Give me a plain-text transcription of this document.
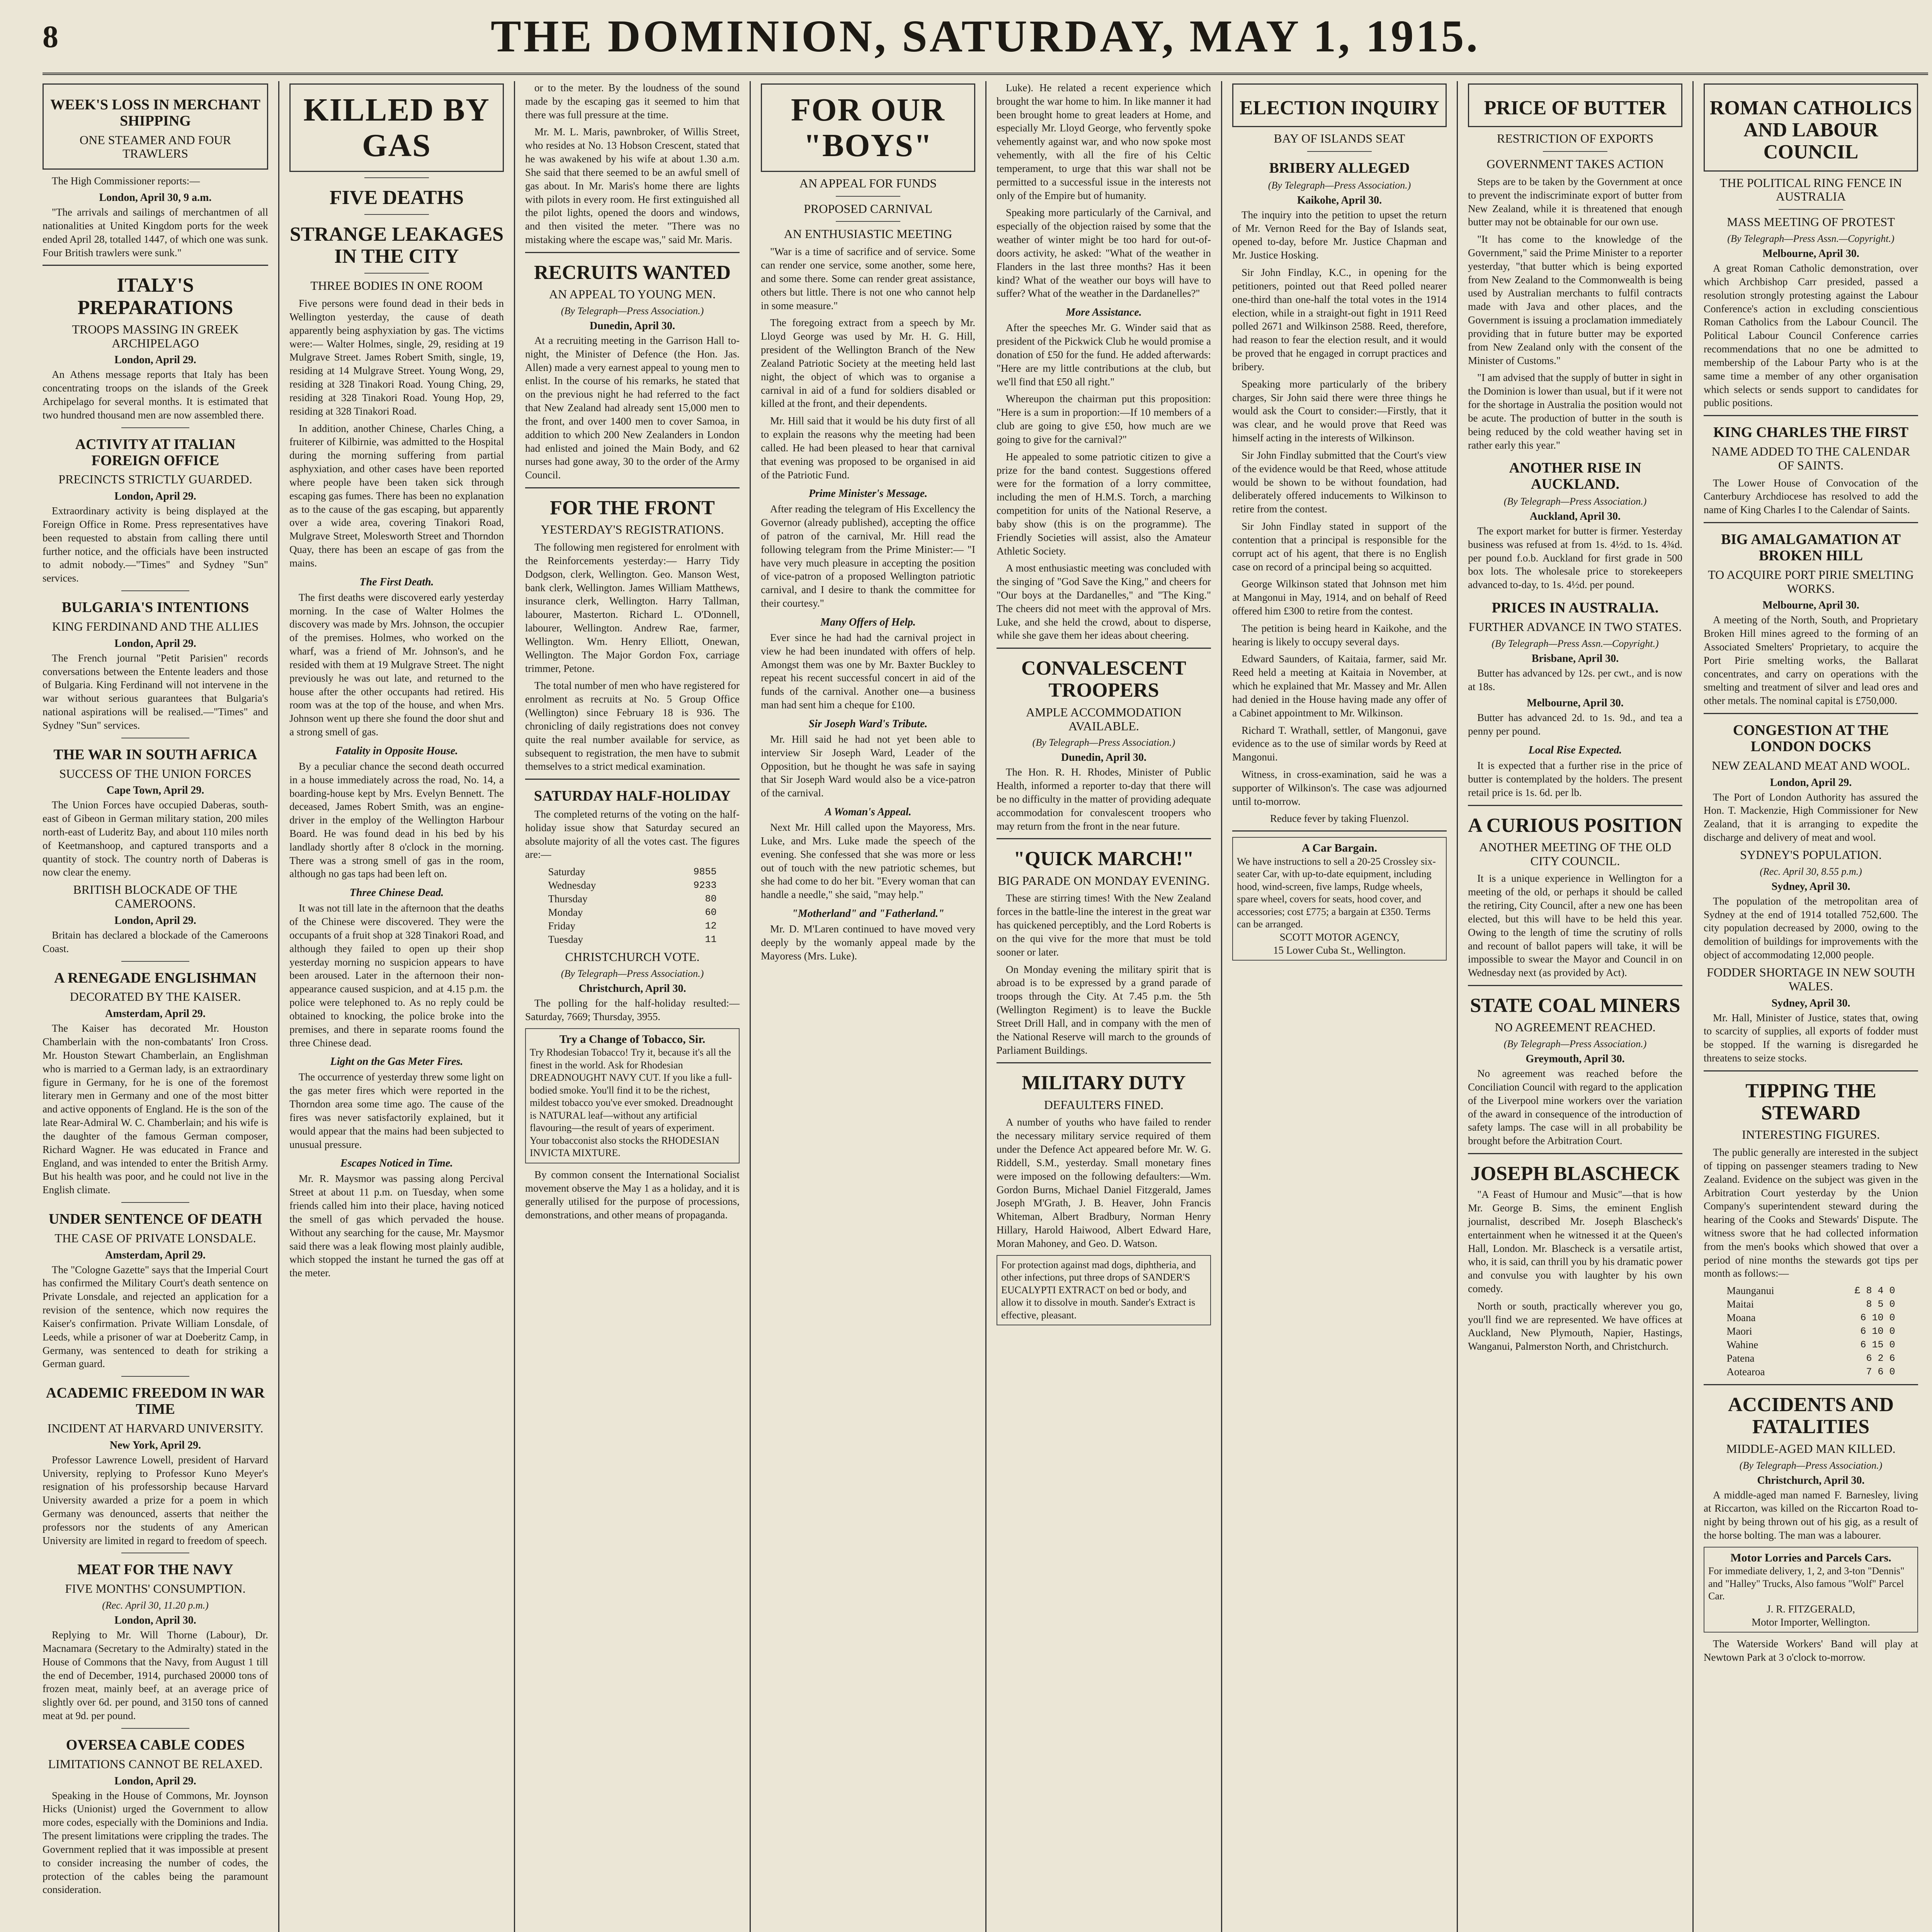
8	THE DOMINION, SATURDAY, MAY 1, 1915.
WEEK'S LOSS IN MERCHANT SHIPPING
ONE STEAMER AND FOUR TRAWLERS

The High Commissioner reports:—

London, April 30, 9 a.m.

"The arrivals and sailings of merchantmen of all nationalities at United Kingdom ports for the week ended April 28, totalled 1447, of which one was sunk. Four British trawlers were sunk."

ITALY'S PREPARATIONS
TROOPS MASSING IN GREEK ARCHIPELAGO
London, April 29.

An Athens message reports that Italy has been concentrating troops on the islands of the Greek Archipelago for several months. It is estimated that two hundred thousand men are now assembled there.

ACTIVITY AT ITALIAN FOREIGN OFFICE
PRECINCTS STRICTLY GUARDED.
London, April 29.

Extraordinary activity is being displayed at the Foreign Office in Rome. Press representatives have been requested to abstain from calling there until further notice, and the officials have been instructed to admit nobody.—"Times" and Sydney "Sun" services.

BULGARIA'S INTENTIONS
KING FERDINAND AND THE ALLIES
London, April 29.

The French journal "Petit Parisien" records conversations between the Entente leaders and those of Bulgaria. King Ferdinand will not intervene in the war without serious guarantees that Bulgaria's national aspirations will be realised.—"Times" and Sydney "Sun" services.

THE WAR IN SOUTH AFRICA
SUCCESS OF THE UNION FORCES
Cape Town, April 29.

The Union Forces have occupied Daberas, south-east of Gibeon in German military station, 200 miles north-east of Luderitz Bay, and about 110 miles north of Keetmanshoop, and captured transports and a quantity of stock. The country north of Daberas is now clear the enemy.

BRITISH BLOCKADE OF THE CAMEROONS.
London, April 29.

Britain has declared a blockade of the Cameroons Coast.

A RENEGADE ENGLISHMAN
DECORATED BY THE KAISER.
Amsterdam, April 29.

The Kaiser has decorated Mr. Houston Chamberlain with the non-combatants' Iron Cross. Mr. Houston Stewart Chamberlain, an Englishman who is married to a German lady, is an extraordinary figure in Germany, for he is one of the foremost literary men in Germany and one of the most bitter and active opponents of England. He is the son of the late Rear-Admiral W. C. Chamberlain; and his wife is the daughter of the famous German composer, Richard Wagner. He was educated in France and England, and was intended to enter the British Army. But his health was poor, and he could not live in the English climate.

UNDER SENTENCE OF DEATH
THE CASE OF PRIVATE LONSDALE.
Amsterdam, April 29.

The "Cologne Gazette" says that the Imperial Court has confirmed the Military Court's death sentence on Private Lonsdale, and rejected an application for a revision of the sentence, which now requires the Kaiser's confirmation. Private William Lonsdale, of Leeds, while a prisoner of war at Doeberitz Camp, in Germany, was sentenced to death for striking a German guard.

ACADEMIC FREEDOM IN WAR TIME
INCIDENT AT HARVARD UNIVERSITY.
New York, April 29.

Professor Lawrence Lowell, president of Harvard University, replying to Professor Kuno Meyer's resignation of his professorship because Harvard University awarded a prize for a poem in which Germany was denounced, asserts that neither the professors nor the students of any American University are limited in regard to freedom of speech.

MEAT FOR THE NAVY
FIVE MONTHS' CONSUMPTION.
(Rec. April 30, 11.20 p.m.)
London, April 30.

Replying to Mr. Will Thorne (Labour), Dr. Macnamara (Secretary to the Admiralty) stated in the House of Commons that the Navy, from August 1 till the end of December, 1914, purchased 20000 tons of frozen meat, mainly beef, at an average price of slightly over 6d. per pound, and 3150 tons of canned meat at 9d. per pound.

OVERSEA CABLE CODES
LIMITATIONS CANNOT BE RELAXED.
London, April 29.

Speaking in the House of Commons, Mr. Joynson Hicks (Unionist) urged the Government to allow more codes, especially with the Dominions and India. The present limitations were crippling the trades. The Government replied that it was impossible at present to consider increasing the number of codes, the protection of the cables being the paramount consideration.

KILLED BY GAS
FIVE DEATHS
STRANGE LEAKAGES IN THE CITY
THREE BODIES IN ONE ROOM

Five persons were found dead in their beds in Wellington yesterday, the cause of death apparently being asphyxiation by gas. The victims were:— Walter Holmes, single, 29, residing at 19 Mulgrave Street. James Robert Smith, single, 19, residing at 14 Mulgrave Street. Young Wong, 29, residing at 328 Tinakori Road. Young Ching, 29, residing at 328 Tinakori Road. Young Hop, 29, residing at 328 Tinakori Road.

In addition, another Chinese, Charles Ching, a fruiterer of Kilbirnie, was admitted to the Hospital during the morning suffering from partial asphyxiation, and other cases have been reported where people have been taken sick through escaping gas fumes. There has been no explanation as to the cause of the gas escaping, but apparently over a wide area, covering Tinakori Road, Mulgrave Street, Molesworth Street and Thorndon Quay, there has been an escape of gas from the mains.

The First Death.

The first deaths were discovered early yesterday morning. In the case of Walter Holmes the discovery was made by Mrs. Johnson, the occupier of the premises. Holmes, who worked on the wharf, was a friend of Mr. Johnson's, and he resided with them at 19 Mulgrave Street. The night previously he was out late, and returned to the house after the other occupants had retired. His room was at the top of the house, and when Mrs. Johnson went up there she found the door shut and a strong smell of gas.

Fatality in Opposite House.

By a peculiar chance the second death occurred in a house immediately across the road, No. 14, a boarding-house kept by Mrs. Evelyn Bennett. The deceased, James Robert Smith, was an engine-driver in the employ of the Wellington Harbour Board. He was found dead in his bed by his landlady shortly after 8 o'clock in the morning. There was a strong smell of gas in the room, although no gas taps had been left on.

Three Chinese Dead.

It was not till late in the afternoon that the deaths of the Chinese were discovered. They were the occupants of a fruit shop at 328 Tinakori Road, and although they failed to open up their shop yesterday morning no suspicion appears to have been aroused. Later in the afternoon their non-appearance caused suspicion, and at 4.15 p.m. the police were telephoned to. As no reply could be obtained to knocking, the police broke into the premises, and there in separate rooms found the three Chinese dead.

Light on the Gas Meter Fires.

The occurrence of yesterday threw some light on the gas meter fires which were reported in the Thorndon area some time ago. The cause of the fires was never satisfactorily explained, but it would appear that the mains had been subjected to unusual pressure.

Escapes Noticed in Time.

Mr. R. Maysmor was passing along Percival Street at about 11 p.m. on Tuesday, when some friends called him into their place, having noticed the smell of gas which pervaded the house. Without any searching for the cause, Mr. Maysmor said there was a leak flowing most plainly audible, which stopped the instant he turned the gas off at the meter.

or to the meter. By the loudness of the sound made by the escaping gas it seemed to him that there was full pressure at the time.

Mr. M. L. Maris, pawnbroker, of Willis Street, who resides at No. 13 Hobson Crescent, stated that he was awakened by his wife at about 1.30 a.m. She said that there seemed to be an awful smell of gas about. In Mr. Maris's home there are lights with pilots in every room. He first extinguished all the pilot lights, opened the doors and windows, and then visited the meter. "There was no mistaking where the escape was," said Mr. Maris.

RECRUITS WANTED
AN APPEAL TO YOUNG MEN.
(By Telegraph—Press Association.)
Dunedin, April 30.

At a recruiting meeting in the Garrison Hall to-night, the Minister of Defence (the Hon. Jas. Allen) made a very earnest appeal to young men to enlist. In the course of his remarks, he stated that on the previous night he had referred to the fact that New Zealand had already sent 15,000 men to the front, and over 1400 men to cover Samoa, in addition to which 200 New Zealanders in London had enlisted and joined the Main Body, and 62 nurses had gone away, 30 to the order of the Army Council.

FOR THE FRONT
YESTERDAY'S REGISTRATIONS.

The following men registered for enrolment with the Reinforcements yesterday:— Harry Tidy Dodgson, clerk, Wellington. Geo. Manson West, bank clerk, Wellington. James William Matthews, insurance clerk, Wellington. Harry Tallman, labourer, Masterton. Richard L. O'Donnell, labourer, Wellington. Andrew Rae, farmer, Wellington. Wm. Henry Elliott, Onewan, Wellington. The Major Gordon Fox, carriage trimmer, Petone.

The total number of men who have registered for enrolment as recruits at No. 5 Group Office (Wellington) since February 18 is 936. The chronicling of daily registrations does not convey quite the real number available for service, as subsequent to registration, the men have to submit themselves to a strict medical examination.

SATURDAY HALF-HOLIDAY

The completed returns of the voting on the half-holiday issue show that Saturday secured an absolute majority of all the votes cast. The figures are:—

Saturday	9855
Wednesday	9233
Thursday	80
Monday	60
Friday	12
Tuesday	11
CHRISTCHURCH VOTE.
(By Telegraph—Press Association.)
Christchurch, April 30.

The polling for the half-holiday resulted:—Saturday, 7669; Thursday, 3955.

Try a Change of Tobacco, Sir.
Try Rhodesian Tobacco! Try it, because it's all the finest in the world. Ask for Rhodesian DREADNOUGHT NAVY CUT. If you like a full-bodied smoke. You'll find it to be the richest, mildest tobacco you've ever smoked. Dreadnought is NATURAL leaf—without any artificial flavouring—the result of years of experiment. Your tobacconist also stocks the RHODESIAN INVICTA MIXTURE.

By common consent the International Socialist movement observe the May 1 as a holiday, and it is generally utilised for the purpose of processions, demonstrations, and other means of propaganda.

FOR OUR "BOYS"
AN APPEAL FOR FUNDS
PROPOSED CARNIVAL
AN ENTHUSIASTIC MEETING

"War is a time of sacrifice and of service. Some can render one service, some another, some here, and some there. Some can render great assistance, others but little. There is not one who cannot help in some measure."

The foregoing extract from a speech by Mr. Lloyd George was used by Mr. H. G. Hill, president of the Wellington Branch of the New Zealand Patriotic Society at the meeting held last night, the object of which was to organise a carnival in aid of a fund for soldiers disabled or killed at the front, and their dependents.

Mr. Hill said that it would be his duty first of all to explain the reasons why the meeting had been called. He had been pleased to hear that carnival that evening was proposed to be organised in aid of the Patriotic Fund.

Prime Minister's Message.

After reading the telegram of His Excellency the Governor (already published), accepting the office of patron of the carnival, Mr. Hill read the following telegram from the Prime Minister:— "I have very much pleasure in accepting the position of vice-patron of a proposed Wellington patriotic carnival, and I desire to thank the committee for their courtesy."

Many Offers of Help.

Ever since he had had the carnival project in view he had been inundated with offers of help. Amongst them was one by Mr. Baxter Buckley to repeat his recent successful concert in aid of the funds of the carnival. Another one—a business man had sent him a cheque for £100.

Sir Joseph Ward's Tribute.

Mr. Hill said he had not yet been able to interview Sir Joseph Ward, Leader of the Opposition, but he thought he was safe in saying that Sir Joseph Ward would also be a vice-patron of the carnival.

A Woman's Appeal.

Next Mr. Hill called upon the Mayoress, Mrs. Luke, and Mrs. Luke made the speech of the evening. She confessed that she was more or less out of touch with the new patriotic schemes, but she had come to do her bit. "Every woman that can handle a needle," she said, "may help."

"Motherland" and "Fatherland."

Mr. D. M'Laren continued to have moved very deeply by the womanly appeal made by the Mayoress (Mrs. Luke).

Luke). He related a recent experience which brought the war home to him. In like manner it had been brought home to great leaders at Home, and especially Mr. Lloyd George, who fervently spoke vehemently against war, and who now spoke most vehemently, with all the fire of his Celtic temperament, to urge that this war shall not be permitted to a successful issue in the interests not only of the Empire but of humanity.

Speaking more particularly of the Carnival, and especially of the objection raised by some that the weather of winter might be too hard for out-of-doors activity, he asked: "What of the weather in Flanders in the last three months? Has it been kind? What of the weather our boys will have to suffer? What of the weather in the Dardanelles?"

More Assistance.

After the speeches Mr. G. Winder said that as president of the Pickwick Club he would promise a donation of £50 for the fund. He added afterwards: "Here are my little contributions at the club, but we'll find that £50 all right."

Whereupon the chairman put this proposition: "Here is a sum in proportion:—If 10 members of a club are going to give £50, how much are we going to give for the carnival?"

He appealed to some patriotic citizen to give a prize for the band contest. Suggestions offered were for the formation of a lorry committee, including the men of H.M.S. Torch, a marching competition for units of the National Reserve, a baby show (this is on the programme). The Friendly Societies will assist, also the Amateur Athletic Society.

A most enthusiastic meeting was concluded with the singing of "God Save the King," and cheers for "Our boys at the Dardanelles," and "The King." The cheers did not meet with the approval of Mrs. Luke, and she held the crowd, about to disperse, while she gave them her ideas about cheering.

CONVALESCENT TROOPERS
AMPLE ACCOMMODATION AVAILABLE.
(By Telegraph—Press Association.)
Dunedin, April 30.

The Hon. R. H. Rhodes, Minister of Public Health, informed a reporter to-day that there will be no difficulty in the matter of providing adequate accommodation for convalescent troopers who may return from the front in the near future.

"QUICK MARCH!"
BIG PARADE ON MONDAY EVENING.

These are stirring times! With the New Zealand forces in the battle-line the interest in the great war has quickened perceptibly, and the Lord Roberts is on the qui vive for the more that must be told sooner or later.

On Monday evening the military spirit that is abroad is to be expressed by a grand parade of troops through the City. At 7.45 p.m. the 5th (Wellington Regiment) is to leave the Buckle Street Drill Hall, and in company with the men of the National Reserve will march to the grounds of Parliament Buildings.

MILITARY DUTY
DEFAULTERS FINED.

A number of youths who have failed to render the necessary military service required of them under the Defence Act appeared before Mr. W. G. Riddell, S.M., yesterday. Small monetary fines were imposed on the following defaulters:—Wm. Gordon Burns, Michael Daniel Fitzgerald, James Joseph M'Grath, J. B. Heaver, John Francis Whiteman, Albert Bradbury, Norman Henry Hillary, Harold Haiwood, Albert Edward Hare, Moran Mahoney, and Geo. D. Watson.

For protection against mad dogs, diphtheria, and other infections, put three drops of SANDER'S EUCALYPTI EXTRACT on bed or body, and allow it to dissolve in mouth. Sander's Extract is effective, pleasant.
ELECTION INQUIRY
BAY OF ISLANDS SEAT
BRIBERY ALLEGED
(By Telegraph—Press Association.)
Kaikohe, April 30.

The inquiry into the petition to upset the return of Mr. Vernon Reed for the Bay of Islands seat, opened to-day, before Mr. Justice Chapman and Mr. Justice Hosking.

Sir John Findlay, K.C., in opening for the petitioners, pointed out that Reed polled nearer one-third than one-half the total votes in the 1914 election, while in a straight-out fight in 1911 Reed polled 2671 and Wilkinson 2588. Reed, therefore, had reason to fear the election result, and it would be proved that he engaged in corrupt practices and bribery.

Speaking more particularly of the bribery charges, Sir John said there were three things he would ask the Court to consider:—Firstly, that it was clear, and he would prove that Reed was himself acting in the interests of Wilkinson.

Sir John Findlay submitted that the Court's view of the evidence would be that Reed, whose attitude would be shown to be without foundation, had deliberately offered inducements to Wilkinson to retire from the contest.

Sir John Findlay stated in support of the contention that a principal is responsible for the corrupt act of his agent, that there is no English case on record of a principal being so acquitted.

George Wilkinson stated that Johnson met him at Mangonui in May, 1914, and on behalf of Reed offered him £300 to retire from the contest.

The petition is being heard in Kaikohe, and the hearing is likely to occupy several days.

Edward Saunders, of Kaitaia, farmer, said Mr. Reed held a meeting at Kaitaia in November, at which he explained that Mr. Massey and Mr. Allen had denied in the House having made any offer of a Cabinet appointment to Mr. Wilkinson.

Richard T. Wrathall, settler, of Mangonui, gave evidence as to the use of similar words by Reed at Mangonui.

Witness, in cross-examination, said he was a supporter of Wilkinson's. The case was adjourned until to-morrow.

Reduce fever by taking Fluenzol.
A Car Bargain.
We have instructions to sell a 20-25 Crossley six-seater Car, with up-to-date equipment, including hood, wind-screen, five lamps, Rudge wheels, spare wheel, covers for seats, hood cover, and accessories; cost £775; a bargain at £350. Terms can be arranged.
SCOTT MOTOR AGENCY,
15 Lower Cuba St., Wellington.
PRICE OF BUTTER
RESTRICTION OF EXPORTS
GOVERNMENT TAKES ACTION

Steps are to be taken by the Government at once to prevent the indiscriminate export of butter from New Zealand, while it is threatened that enough butter may not be obtainable for our own use.

"It has come to the knowledge of the Government," said the Prime Minister to a reporter yesterday, "that butter which is being exported from New Zealand to the Commonwealth is being used by Australian merchants to fulfil contracts made with Java and other places, and the Government is issuing a proclamation immediately providing that in future butter may be exported from New Zealand only with the consent of the Minister of Customs."

"I am advised that the supply of butter in sight in the Dominion is lower than usual, but if it were not for the shortage in Australia the position would not be acute. The production of butter in the south is being reduced by the cold weather having set in rather early this year."

ANOTHER RISE IN AUCKLAND.
(By Telegraph—Press Association.)
Auckland, April 30.

The export market for butter is firmer. Yesterday business was refused at from 1s. 4½d. to 1s. 4¾d. per pound f.o.b. Auckland for first grade in 500 box lots. The wholesale price to storekeepers advanced to-day, to 1s. 4½d. per pound.

PRICES IN AUSTRALIA.
FURTHER ADVANCE IN TWO STATES.
(By Telegraph—Press Assn.—Copyright.)
Brisbane, April 30.

Butter has advanced by 12s. per cwt., and is now at 18s.

Melbourne, April 30.

Butter has advanced 2d. to 1s. 9d., and tea a penny per pound.

Local Rise Expected.

It is expected that a further rise in the price of butter is contemplated by the holders. The present retail price is 1s. 6d. per lb.

A CURIOUS POSITION
ANOTHER MEETING OF THE OLD CITY COUNCIL.

It is a unique experience in Wellington for a meeting of the old, or perhaps it should be called the retiring, City Council, after a new one has been elected, but this will have to be held this year. Owing to the length of time the scrutiny of rolls and recount of ballot papers will take, it will be impossible to swear the Mayor and Council in on Wednesday next (as provided by Act).

STATE COAL MINERS
NO AGREEMENT REACHED.
(By Telegraph—Press Association.)
Greymouth, April 30.

No agreement was reached before the Conciliation Council with regard to the application of the Liverpool mine workers over the variation of the award in consequence of the introduction of safety lamps. The case will in all probability be brought before the Arbitration Court.

JOSEPH BLASCHECK

"A Feast of Humour and Music"—that is how Mr. George B. Sims, the eminent English journalist, described Mr. Joseph Blascheck's entertainment when he witnessed it at the Queen's Hall, London. Mr. Blascheck is a versatile artist, who, it is said, can thrill you by his dramatic power and convulse you with laughter by his own comedy.

North or south, practically wherever you go, you'll find we are represented. We have offices at Auckland, New Plymouth, Napier, Hastings, Wanganui, Palmerston North, and Christchurch.

ROMAN CATHOLICS AND LABOUR COUNCIL
THE POLITICAL RING FENCE IN AUSTRALIA
MASS MEETING OF PROTEST
(By Telegraph—Press Assn.—Copyright.)
Melbourne, April 30.

A great Roman Catholic demonstration, over which Archbishop Carr presided, passed a resolution strongly protesting against the Labour Conference's action in excluding conscientious Roman Catholics from the Labour Council. The Political Labour Council Conference carries recommendations that no one be admitted to membership of the Labour Party who is at the same time a member of any other organisation which selects or sends support to candidates for public positions.

KING CHARLES THE FIRST
NAME ADDED TO THE CALENDAR OF SAINTS.

The Lower House of Convocation of the Canterbury Archdiocese has resolved to add the name of King Charles I to the Calendar of Saints.

BIG AMALGAMATION AT BROKEN HILL
TO ACQUIRE PORT PIRIE SMELTING WORKS.
Melbourne, April 30.

A meeting of the North, South, and Proprietary Broken Hill mines agreed to the forming of an Associated Smelters' Proprietary, to acquire the Port Pirie smelting works, the Ballarat concentrates, and carry on operations with the smelting and treatment of silver and lead ores and other metals. The nominal capital is £750,000.

CONGESTION AT THE LONDON DOCKS
NEW ZEALAND MEAT AND WOOL.
London, April 29.

The Port of London Authority has assured the Hon. T. Mackenzie, High Commissioner for New Zealand, that it is arranging to expedite the discharge and delivery of meat and wool.

SYDNEY'S POPULATION.
(Rec. April 30, 8.55 p.m.)
Sydney, April 30.

The population of the metropolitan area of Sydney at the end of 1914 totalled 752,600. The city population decreased by 2000, owing to the demolition of buildings for improvements with the object of accommodating 12,000 people.

FODDER SHORTAGE IN NEW SOUTH WALES.
Sydney, April 30.

Mr. Hall, Minister of Justice, states that, owing to scarcity of supplies, all exports of fodder must be stopped. If the warning is disregarded he threatens to seize stocks.

TIPPING THE STEWARD
INTERESTING FIGURES.

The public generally are interested in the subject of tipping on passenger steamers trading to New Zealand. Evidence on the subject was given in the Arbitration Court yesterday by the Union Company's superintendent steward during the hearing of the Cooks and Stewards' Dispute. The witness swore that he had collected information from the men's books which showed that over a period of nine months the stewards got tips per month as follows:—

Maunganui	£ 8 4 0
Maitai	8 5 0
Moana	6 10 0
Maori	6 10 0
Wahine	6 15 0
Patena	6 2 6
Aotearoa	7 6 0
ACCIDENTS AND FATALITIES
MIDDLE-AGED MAN KILLED.
(By Telegraph—Press Association.)
Christchurch, April 30.

A middle-aged man named F. Barnesley, living at Riccarton, was killed on the Riccarton Road to-night by being thrown out of his gig, as a result of the horse bolting. The man was a labourer.

Motor Lorries and Parcels Cars.
For immediate delivery, 1, 2, and 3-ton "Dennis" and "Halley" Trucks, Also famous "Wolf" Parcel Car.
J. R. FITZGERALD,
Motor Importer, Wellington.

The Waterside Workers' Band will play at Newtown Park at 3 o'clock to-morrow.
